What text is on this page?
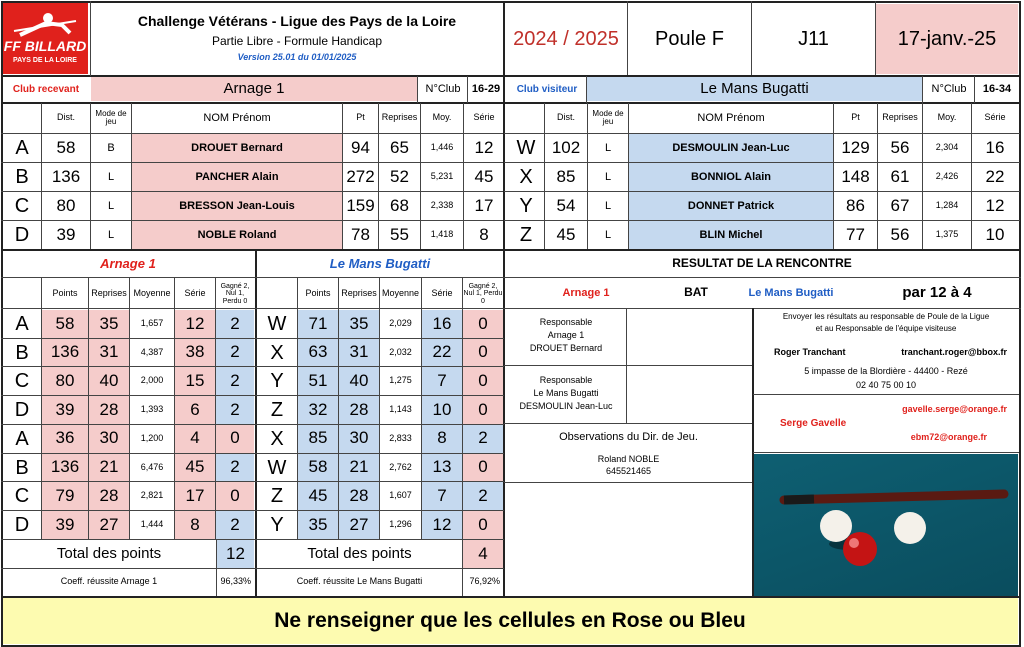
FF BILLARD
PAYS DE LA LOIRE
Challenge Vétérans - Ligue des Pays de la Loire
Partie Libre - Formule Handicap
Version 25.01 du 01/01/2025
2024 / 2025	Poule F	J11	17-janv.-25
Club recevant	Arnage 1	N°Club	16-29	Club visiteur	Le Mans Bugatti	N°Club	16-34
Dist.	Mode de jeu	NOM Prénom	Pt	Reprises	Moy.	Série	Dist.	Mode de jeu	NOM Prénom	Pt	Reprises	Moy.	Série
A	58	B	DROUET Bernard	94	65	1,446	12
B	136	L	PANCHER Alain	272 52	5,231	45
C	80	L	BRESSON Jean-Louis	159 68	2,338	17
D	39	L	NOBLE Roland	78	55	1,418	8
W 102	L	DESMOULIN Jean-Luc	129	56	2,304	16
X	85	L	BONNIOL Alain	148	61	2,426	22
Y	54	L	DONNET Patrick	86	67	1,284	12
Z	45	L	BLIN Michel	77	56	1,375	10
Arnage 1	Le Mans Bugatti	RESULTAT DE LA RENCONTRE
Points	Reprises Moyenne	Série
Gagné 2, Nul 1, Perdu 0
Points	Reprises Moyenne	Série
Gagné 2, Nul 1, Perdu 0
A	58	35	1,657	12	2	W	71	35	2,029	16	0
B	136	31	4,387	38	2	X	63	31	2,032	22	0
C	80	40	2,000	15	2	Y	51	40	1,275	7	0
D	39	28	1,393	6	2	Z	32	28	1,143	10	0
A	36	30	1,200	4	0	X	85	30	2,833	8	2
B	136	21	6,476	45	2	W	58	21	2,762	13	0
C	79	28	2,821	17	0	Z	45	28	1,607	7	2
D	39	27	1,444	8	2	Y	35	27	1,296	12	0
Total des points	12	Total des points	4
Coeff. réussite Arnage 1	96,33%	Coeff. réussite Le Mans Bugatti	76,92%
Arnage 1	BAT	Le Mans Bugatti	par 12 à 4
Responsable
Arnage 1
DROUET Bernard
Responsable
Le Mans Bugatti
DESMOULIN Jean-Luc
Observations du Dir. de Jeu.
Roland NOBLE
645521465
Envoyer les résultats au responsable de Poule de la Ligue
et au Responsable de l'équipe visiteuse
Roger Tranchant	tranchant.roger@bbox.fr
5 impasse de la Blordière - 44400 - Rezé
02 40 75 00 10
gavelle.serge@orange.fr
Serge Gavelle
ebm72@orange.fr
Ne renseigner que les cellules en Rose ou Bleu
